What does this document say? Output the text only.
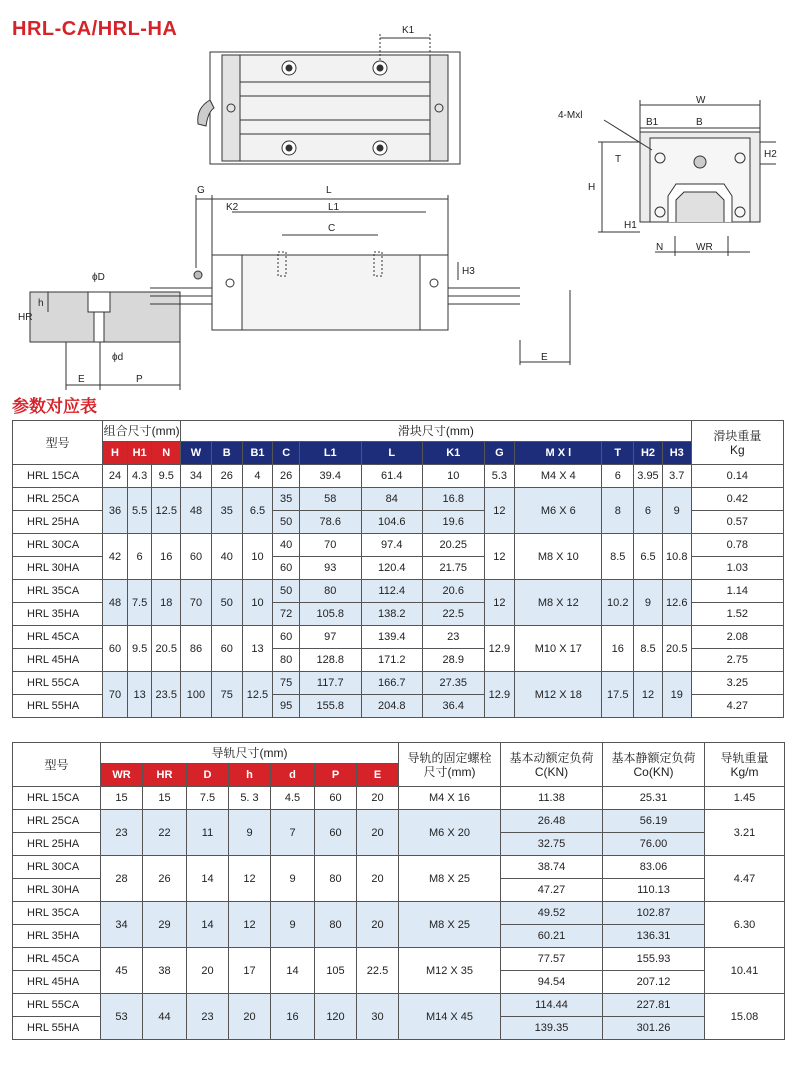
HRL-CA/HRL-HA	K1
G	L
K2	L1
C
H3
ϕD
ϕd
HR
h
E	P
E
W
B1	B
4-Mxl
T	H2
H
H1
N	WR
参数对应表
型号	组合尺寸(mm)			滑块尺寸(mm)												滑块重量
Kg
	H	H1	N	W	B	B1	C	L1	L	K1	G	M X l	T	H2	H3	
HRL 15CA	24	4.3	9.5	34	26	4	26	39.4	61.4	10	5.3	M4 X 4	6	3.95	3.7	0.14
HRL 25CA	36	5.5	12.5	48	35	6.5	35	58	84	16.8	12	M6 X 6	8	6	9	0.42
HRL 25HA							50	78.6	104.6	19.6						0.57
HRL 30CA	42	6	16	60	40	10	40	70	97.4	20.25	12	M8 X 10	8.5	6.5	10.8	0.78
HRL 30HA							60	93	120.4	21.75						1.03
HRL 35CA	48	7.5	18	70	50	10	50	80	112.4	20.6	12	M8 X 12	10.2	9	12.6	1.14
HRL 35HA							72	105.8	138.2	22.5						1.52
HRL 45CA	60	9.5	20.5	86	60	13	60	97	139.4	23	12.9	M10 X 17	16	8.5	20.5	2.08
HRL 45HA							80	128.8	171.2	28.9						2.75
HRL 55CA	70	13	23.5	100	75	12.5	75	117.7	166.7	27.35	12.9	M12 X 18	17.5	12	19	3.25
HRL 55HA							95	155.8	204.8	36.4						4.27
型号	导轨尺寸(mm)							导轨的固定螺栓
尺寸(mm)	基本动额定负荷
C(KN)	基本静额定负荷
Co(KN)	导轨重量
Kg/m
	WR	HR	D	h	d	P	E				
HRL 15CA	15	15	7.5	5. 3	4.5	60	20	M4 X 16	11.38	25.31	1.45
HRL 25CA	23	22	11	9	7	60	20	M6 X 20	26.48	56.19	3.21
HRL 25HA									32.75	76.00	
HRL 30CA	28	26	14	12	9	80	20	M8 X 25	38.74	83.06	4.47
HRL 30HA									47.27	110.13	
HRL 35CA	34	29	14	12	9	80	20	M8 X 25	49.52	102.87	6.30
HRL 35HA									60.21	136.31	
HRL 45CA	45	38	20	17	14	105	22.5	M12 X 35	77.57	155.93	10.41
HRL 45HA									94.54	207.12	
HRL 55CA	53	44	23	20	16	120	30	M14 X 45	114.44	227.81	15.08
HRL 55HA									139.35	301.26	
